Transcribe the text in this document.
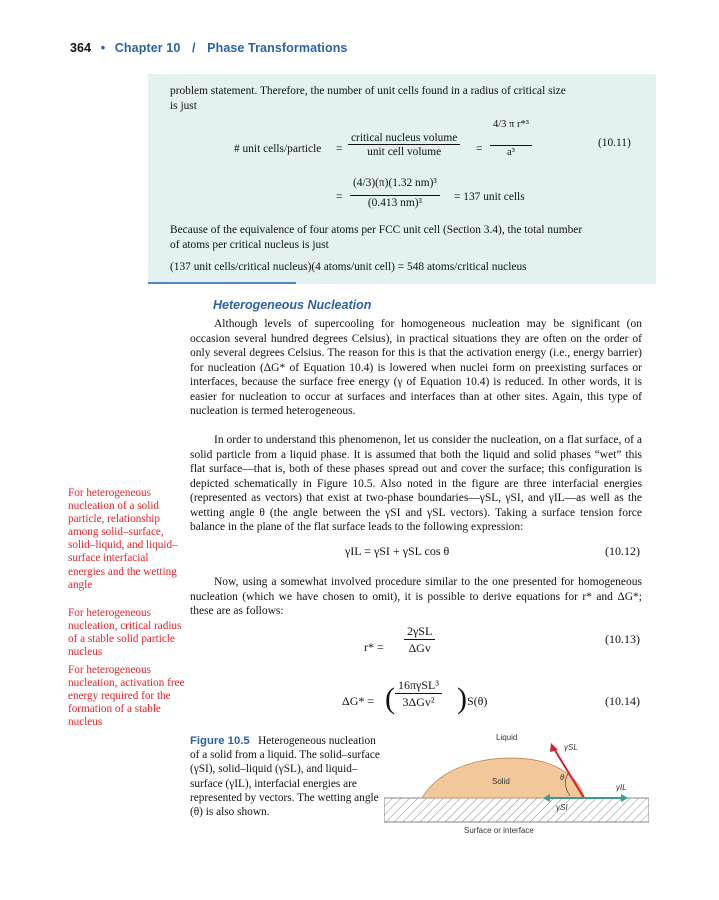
364 • Chapter 10 / Phase Transformations
problem statement. Therefore, the number of unit cells found in a radius of critical size
is just
# unit cells/particle =
critical nucleus volume
unit cell volume	= $\frac{\text{4/3 π r*³}}{\text{a³}}$	(10.11)
= $\frac{\text{(4/3)(π)(1.32 nm)³}}{\text{(0.413 nm)³}} = 137$ unit cells
Because of the equivalence of four atoms per FCC unit cell (Section 3.4), the total number
of atoms per critical nucleus is just
(137 unit cells/critical nucleus)(4 atoms/unit cell) = 548 atoms/critical nucleus
Heterogeneous Nucleation

Although levels of supercooling for homogeneous nucleation may be significant (on occasion several hundred degrees Celsius), in practical situations they are often on the order of only several degrees Celsius. The reason for this is that the activation energy (i.e., energy barrier) for nucleation (ΔG* of Equation 10.4) is lowered when nuclei form on preexisting surfaces or interfaces, because the surface free energy (γ of Equation 10.4) is reduced. In other words, it is easier for nucleation to occur at surfaces and interfaces than at other sites. Again, this type of nucleation is termed heterogeneous.

In order to understand this phenomenon, let us consider the nucleation, on a flat surface, of a solid particle from a liquid phase. It is assumed that both the liquid and solid phases “wet” this flat surface—that is, both of these phases spread out and cover the surface; this configuration is depicted schematically in Figure 10.5. Also noted in the figure are three interfacial energies (represented as vectors) that exist at two-phase boundaries—γSL, γSI, and γIL—as well as the wetting angle θ (the angle between the γSI and γSL vectors). Taking a surface tension force balance in the plane of the flat surface leads to the following expression:

γIL = γSI + γSL cos θ	(10.12)

Now, using a somewhat involved procedure similar to the one presented for homogeneous nucleation (which we have chosen to omit), it is possible to derive equations for r* and ΔG*; these are as follows:

r* =
2γSL
ΔGv
(10.13)
ΔG* = ( 16πγSL³
3ΔGv² ) S(θ)	(10.14)
For heterogeneous nucleation of a solid particle, relationship among solid–surface, solid–liquid, and liquid–surface interfacial energies and the wetting angle
For heterogeneous nucleation, critical radius of a stable solid particle nucleus
For heterogeneous nucleation, activation free energy required for the formation of a stable nucleus
Figure 10.5 Heterogeneous nucleation of a solid from a liquid. The solid–surface (γSI), solid–liquid (γSL), and liquid–surface (γIL), interfacial energies are represented by vectors. The wetting angle (θ) is also shown.
Liquid
Solid
Surface or interface
γSL
γSI
γIL
θ
